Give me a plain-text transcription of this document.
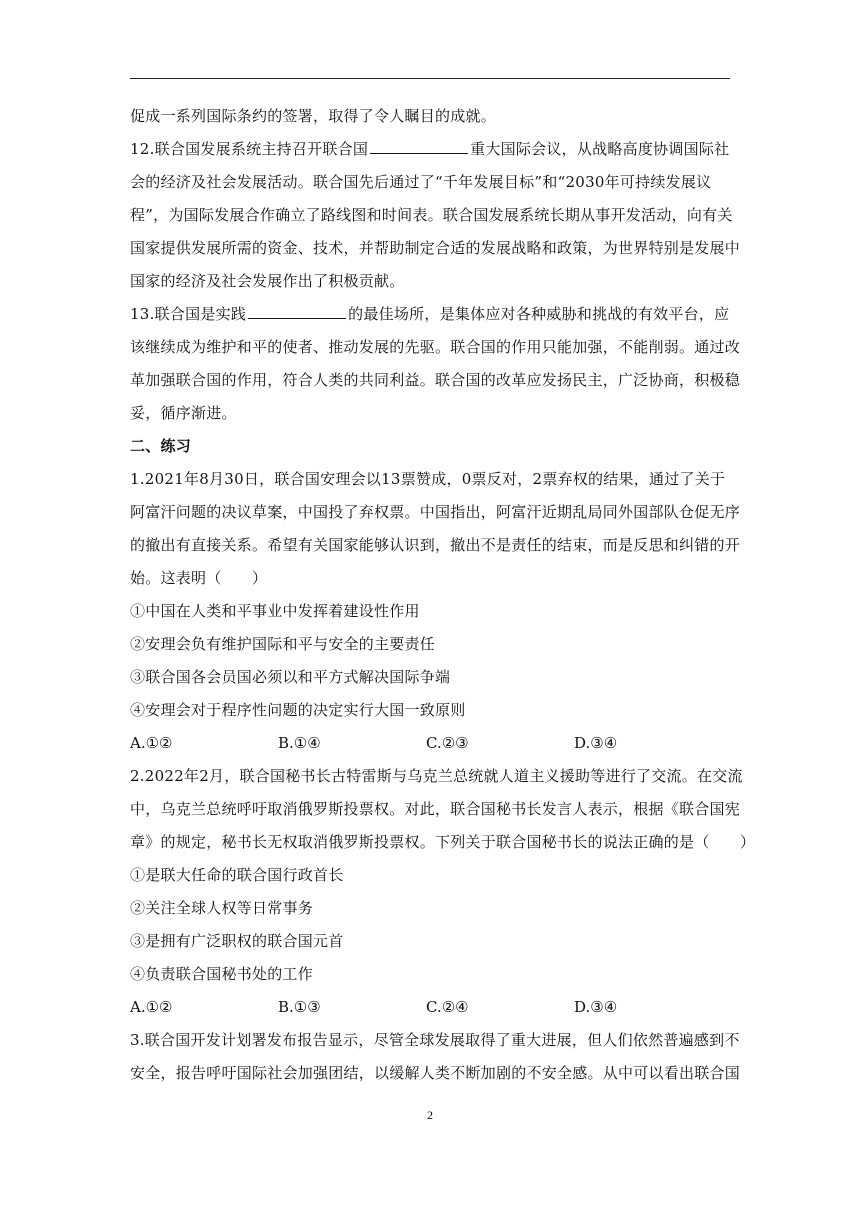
促成一系列国际条约的签署，取得了令人瞩目的成就。
12.联合国发展系统主持召开联合国	重大国际会议，从战略高度协调国际社
会的经济及社会发展活动。联合国先后通过了“千年发展目标”和“2030年可持续发展议
程”，为国际发展合作确立了路线图和时间表。联合国发展系统长期从事开发活动，向有关
国家提供发展所需的资金、技术，并帮助制定合适的发展战略和政策，为世界特别是发展中
国家的经济及社会发展作出了积极贡献。
13.联合国是实践	的最佳场所，是集体应对各种威胁和挑战的有效平台，应
该继续成为维护和平的使者、推动发展的先驱。联合国的作用只能加强，不能削弱。通过改
革加强联合国的作用，符合人类的共同利益。联合国的改革应发扬民主，广泛协商，积极稳
妥，循序渐进。
二、练习
1.2021年8月30日，联合国安理会以13票赞成，0票反对，2票弃权的结果，通过了关于
阿富汗问题的决议草案，中国投了弃权票。中国指出，阿富汗近期乱局同外国部队仓促无序
的撤出有直接关系。希望有关国家能够认识到，撤出不是责任的结束，而是反思和纠错的开
始。这表明（　　）
①中国在人类和平事业中发挥着建设性作用
②安理会负有维护国际和平与安全的主要责任
③联合国各会员国必须以和平方式解决国际争端
④安理会对于程序性问题的决定实行大国一致原则
A.①②	B.①④	C.②③	D.③④
2.2022年2月，联合国秘书长古特雷斯与乌克兰总统就人道主义援助等进行了交流。在交流
中，乌克兰总统呼吁取消俄罗斯投票权。对此，联合国秘书长发言人表示，根据《联合国宪
章》的规定，秘书长无权取消俄罗斯投票权。下列关于联合国秘书长的说法正确的是（　　）
①是联大任命的联合国行政首长
②关注全球人权等日常事务
③是拥有广泛职权的联合国元首
④负责联合国秘书处的工作
A.①②	B.①③	C.②④	D.③④
3.联合国开发计划署发布报告显示，尽管全球发展取得了重大进展，但人们依然普遍感到不
安全，报告呼吁国际社会加强团结，以缓解人类不断加剧的不安全感。从中可以看出联合国
2
